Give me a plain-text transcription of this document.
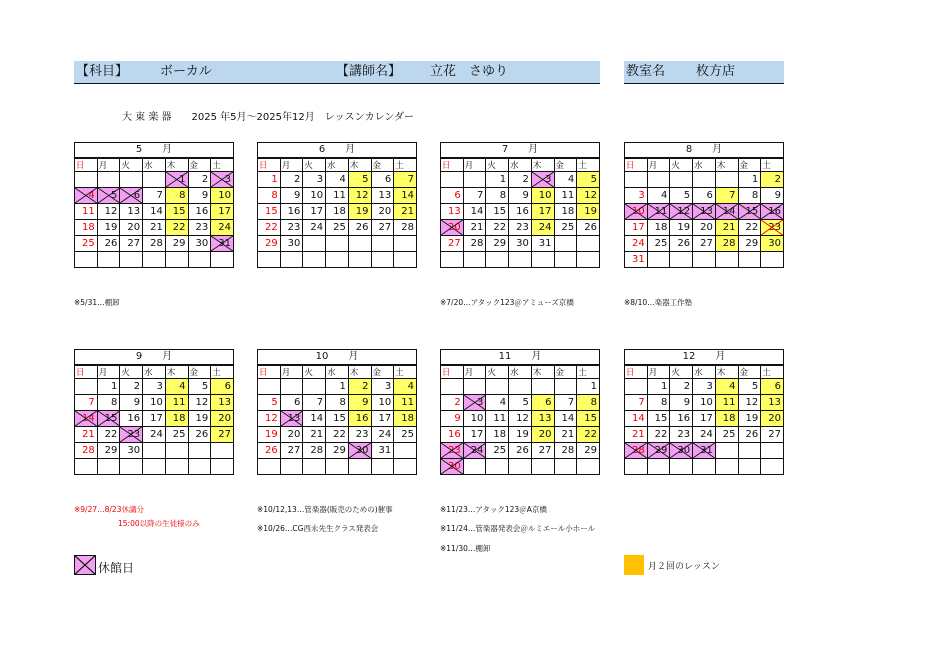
【科目】 ボーカル	【講師名】 立花　さゆり	教室名 枚方店
大 東 楽 器　　2025 年5月～2025年12月　レッスンカレンダー
5　　月
日	月	火	水	木	金	土
				1	2	3

4	5	6	7	8	9	10
11	12	13	14	15	16	17
18	19	20	21	22	23	24
25	26	27	28	29	30	31

6　　月
日	月	火	水	木	金	土
1	2	3	4	5	6	7
8	9	10	11	12	13	14
15	16	17	18	19	20	21
22	23	24	25	26	27	28
29	30					

7　　月
日	月	火	水	木	金	土
		1	2	3	4	5
6	7	8	9	10	11	12
13	14	15	16	17	18	19
20	21	22	23	24	25	26
27	28	29	30	31		

8　　月
日	月	火	水	木	金	土
					1	2
3	4	5	6	7	8	9
10	11	12	13	14	15	16

17	18	19	20	21	22	23

24	25	26	27	28	29	30
31						
9　　月
日	月	火	水	木	金	土
	1	2	3	4	5	6
7	8	9	10	11	12	13
14	15	16	17	18	19	20
21	22	23	24	25	26	27
28	29	30				

10　　月
日	月	火	水	木	金	土
			1	2	3	4
5	6	7	8	9	10	11
12	13	14	15	16	17	18
19	20	21	22	23	24	25
26	27	28	29	30	31	

11　　月
日	月	火	水	木	金	土
						1
2	3	4	5	6	7	8
9	10	11	12	13	14	15
16	17	18	19	20	21	22
23	24	25	26	27	28	29
30

12　　月
日	月	火	水	木	金	土
	1	2	3	4	5	6
7	8	9	10	11	12	13
14	15	16	17	18	19	20
21	22	23	24	25	26	27
28	29	30	31

※5/31…棚卸	※7/20…アタック123＠アミューズ京橋	※8/10…楽器工作塾
※9/27…8/23休講分
15:00以降の生徒様のみ
※10/12,13…管楽器(販売のための)催事
※10/26…CG西永先生クラス発表会
※11/23…アタック123＠A京橋
※11/24…管楽器発表会＠ルミエール小ホール
※11/30…棚卸
休館日	月２回のレッスン
